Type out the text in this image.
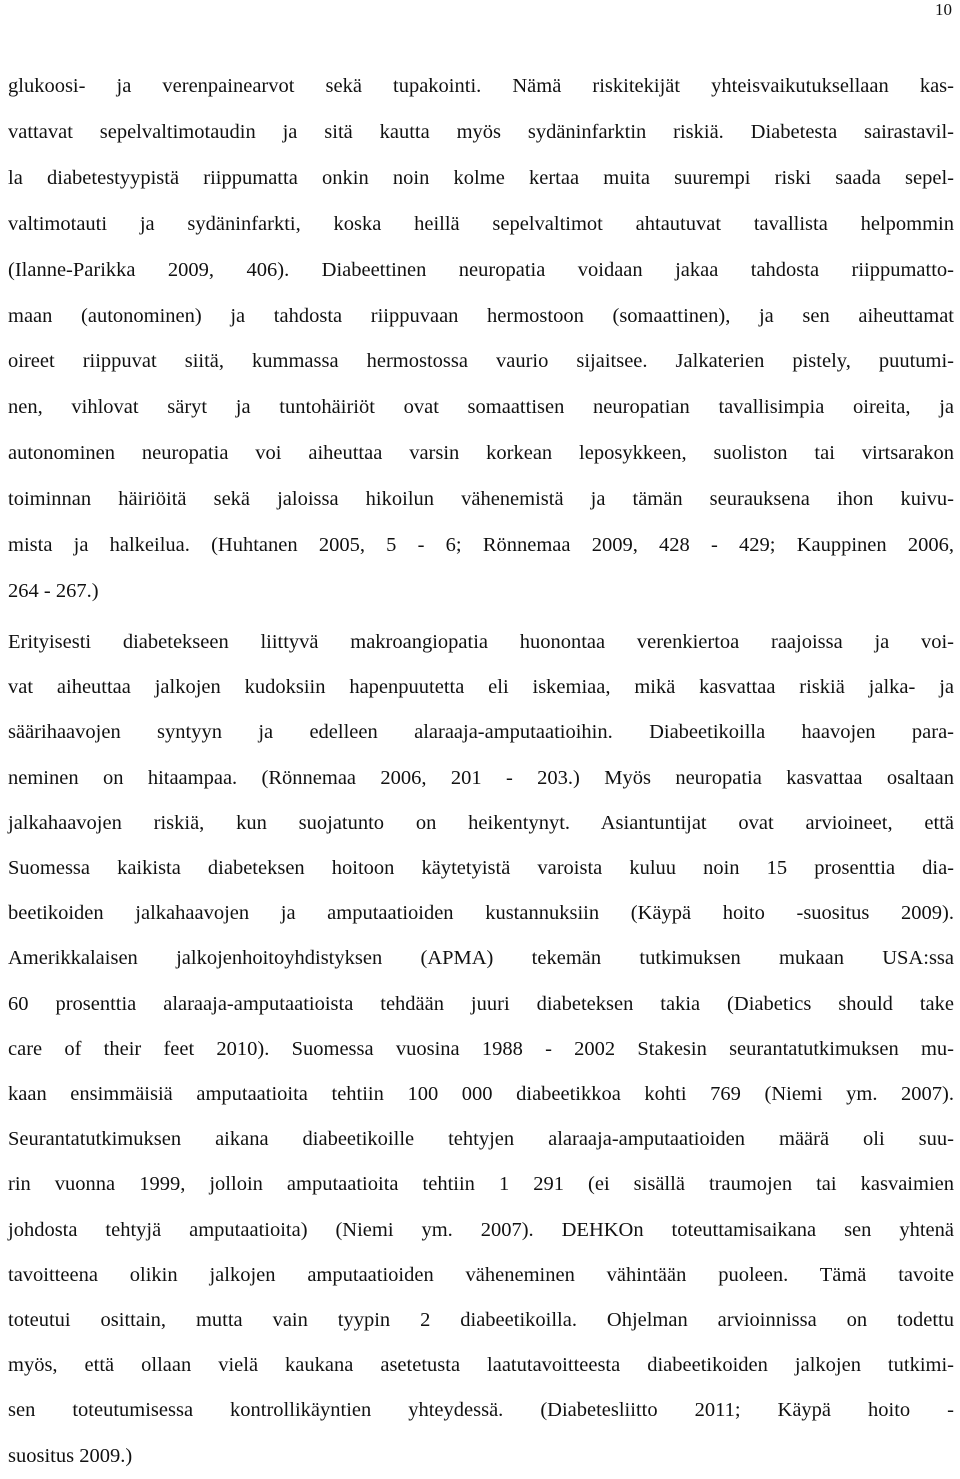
10
glukoosi- ja verenpainearvot sekä tupakointi. Nämä riskitekijät yhteisvaikutuksellaan kas-
vattavat sepelvaltimotaudin ja sitä kautta myös sydäninfarktin riskiä. Diabetesta sairastavil-
la diabetestyypistä riippumatta onkin noin kolme kertaa muita suurempi riski saada sepel-
valtimotauti ja sydäninfarkti, koska heillä sepelvaltimot ahtautuvat tavallista helpommin
(Ilanne-Parikka 2009, 406). Diabeettinen neuropatia voidaan jakaa tahdosta riippumatto-
maan (autonominen) ja tahdosta riippuvaan hermostoon (somaattinen), ja sen aiheuttamat
oireet riippuvat siitä, kummassa hermostossa vaurio sijaitsee. Jalkaterien pistely, puutumi-
nen, vihlovat säryt ja tuntohäiriöt ovat somaattisen neuropatian tavallisimpia oireita, ja
autonominen neuropatia voi aiheuttaa varsin korkean leposykkeen, suoliston tai virtsarakon
toiminnan häiriöitä sekä jaloissa hikoilun vähenemistä ja tämän seurauksena ihon kuivu-
mista ja halkeilua. (Huhtanen 2005, 5 - 6; Rönnemaa 2009, 428 - 429; Kauppinen 2006,
264 - 267.)
Erityisesti diabetekseen liittyvä makroangiopatia huonontaa verenkiertoa raajoissa ja voi-
vat aiheuttaa jalkojen kudoksiin hapenpuutetta eli iskemiaa, mikä kasvattaa riskiä jalka- ja
säärihaavojen syntyyn ja edelleen alaraaja-amputaatioihin. Diabeetikoilla haavojen para-
neminen on hitaampaa. (Rönnemaa 2006, 201 - 203.) Myös neuropatia kasvattaa osaltaan
jalkahaavojen riskiä, kun suojatunto on heikentynyt. Asiantuntijat ovat arvioineet, että
Suomessa kaikista diabeteksen hoitoon käytetyistä varoista kuluu noin 15 prosenttia dia-
beetikoiden jalkahaavojen ja amputaatioiden kustannuksiin (Käypä hoito -suositus 2009).
Amerikkalaisen jalkojenhoitoyhdistyksen (APMA) tekemän tutkimuksen mukaan USA:ssa
60 prosenttia alaraaja-amputaatioista tehdään juuri diabeteksen takia (Diabetics should take
care of their feet 2010). Suomessa vuosina 1988 - 2002 Stakesin seurantatutkimuksen mu-
kaan ensimmäisiä amputaatioita tehtiin 100 000 diabeetikkoa kohti 769 (Niemi ym. 2007).
Seurantatutkimuksen aikana diabeetikoille tehtyjen alaraaja-amputaatioiden määrä oli suu-
rin vuonna 1999, jolloin amputaatioita tehtiin 1 291 (ei sisällä traumojen tai kasvaimien
johdosta tehtyjä amputaatioita) (Niemi ym. 2007). DEHKOn toteuttamisaikana sen yhtenä
tavoitteena olikin jalkojen amputaatioiden väheneminen vähintään puoleen. Tämä tavoite
toteutui osittain, mutta vain tyypin 2 diabeetikoilla. Ohjelman arvioinnissa on todettu
myös, että ollaan vielä kaukana asetetusta laatutavoitteesta diabeetikoiden jalkojen tutkimi-
sen toteutumisessa kontrollikäyntien yhteydessä. (Diabetesliitto 2011; Käypä hoito -
suositus 2009.)
